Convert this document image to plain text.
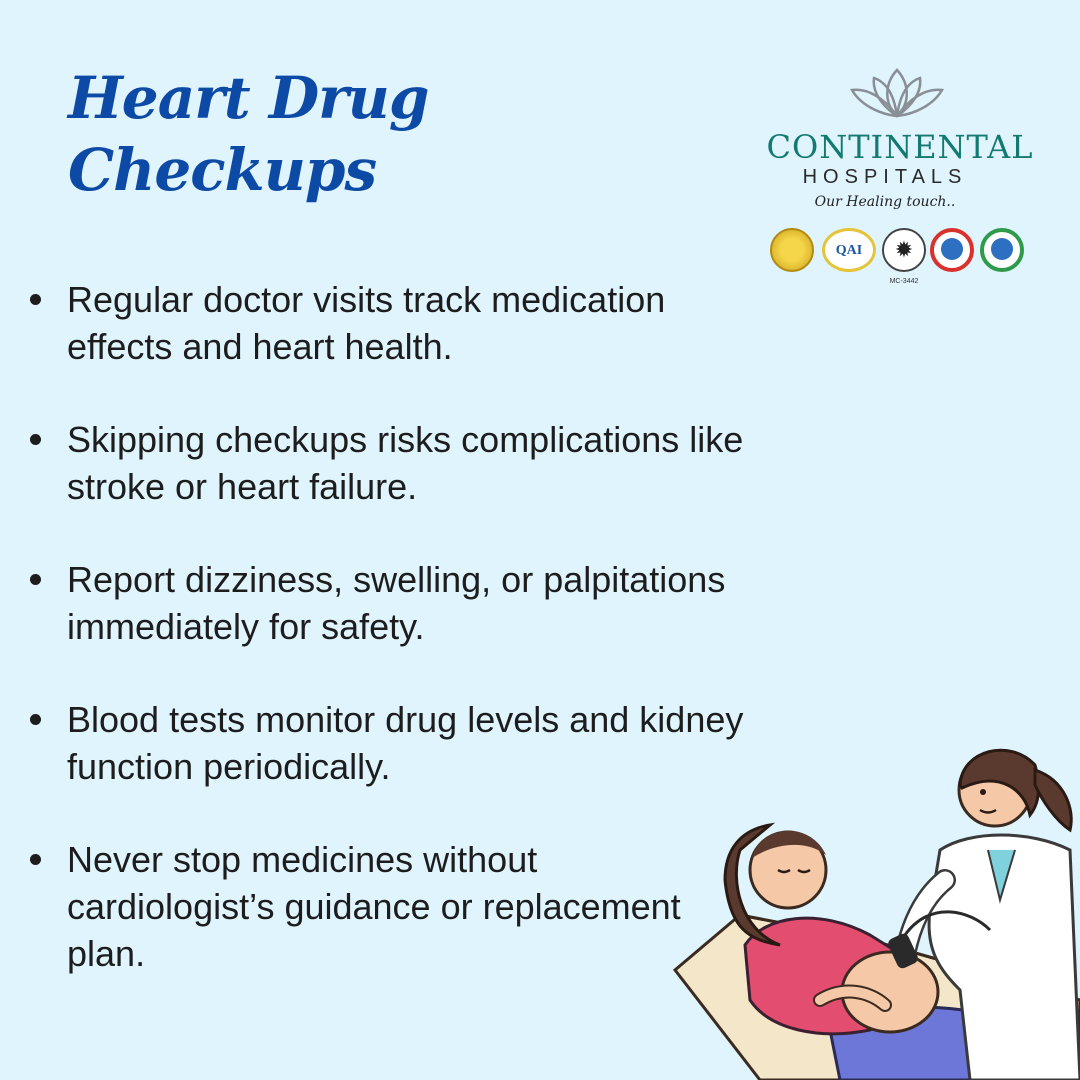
Heart Drug
Checkups	CONTINENTAL
HOSPITALS
Our Healing touch..
QAI	✹
MC-3442
Regular doctor visits track medication effects and heart health.
Skipping checkups risks complications like stroke or heart failure.
Report dizziness, swelling, or palpitations immediately for safety.
Blood tests monitor drug levels and kidney function periodically.
Never stop medicines without cardiologist’s guidance or replacement plan.
